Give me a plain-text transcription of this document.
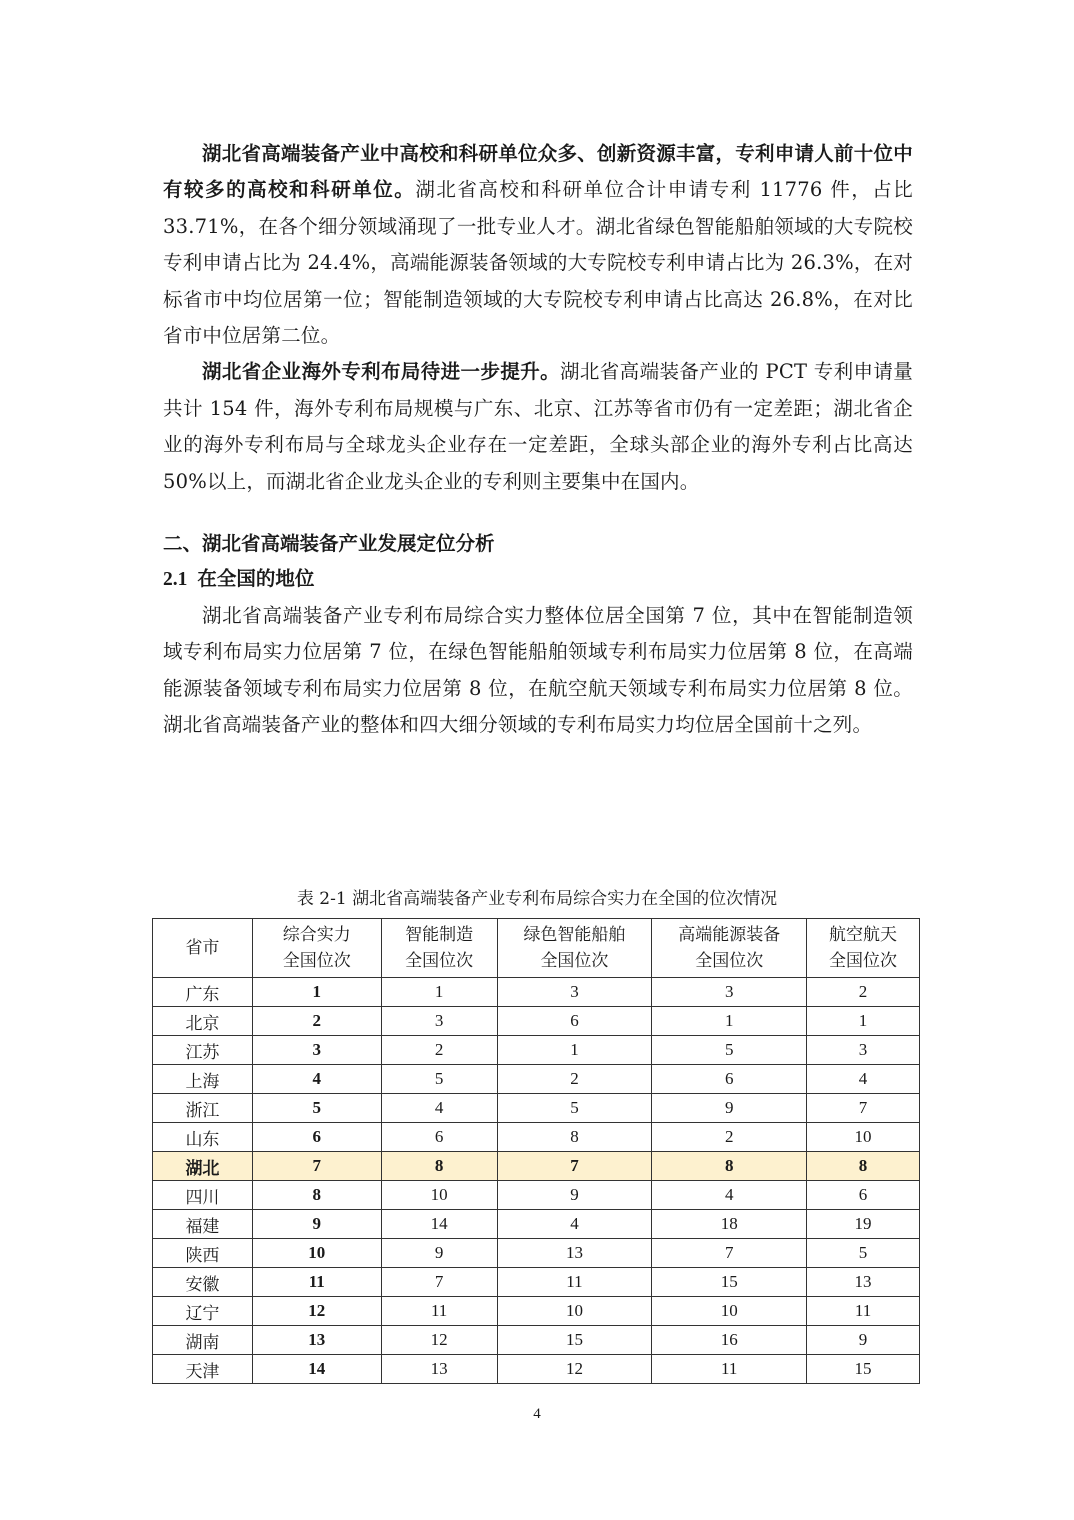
湖北省高端装备产业中高校和科研单位众多、创新资源丰富，专利申请人前十位中有较多的高校和科研单位。湖北省高校和科研单位合计申请专利 11776 件，占比 33.71%，在各个细分领域涌现了一批专业人才。湖北省绿色智能船舶领域的大专院校专利申请占比为 24.4%，高端能源装备领域的大专院校专利申请占比为 26.3%，在对标省市中均位居第一位；智能制造领域的大专院校专利申请占比高达 26.8%，在对比省市中位居第二位。

湖北省企业海外专利布局待进一步提升。湖北省高端装备产业的 PCT 专利申请量共计 154 件，海外专利布局规模与广东、北京、江苏等省市仍有一定差距；湖北省企业的海外专利布局与全球龙头企业存在一定差距，全球头部企业的海外专利占比高达 50%以上，而湖北省企业龙头企业的专利则主要集中在国内。

二、湖北省高端装备产业发展定位分析

2.1 在全国的地位

湖北省高端装备产业专利布局综合实力整体位居全国第 7 位，其中在智能制造领域专利布局实力位居第 7 位，在绿色智能船舶领域专利布局实力位居第 8 位，在高端能源装备领域专利布局实力位居第 8 位，在航空航天领域专利布局实力位居第 8 位。湖北省高端装备产业的整体和四大细分领域的专利布局实力均位居全国前十之列。

表 2-1 湖北省高端装备产业专利布局综合实力在全国的位次情况
省市	综合实力
全国位次	智能制造
全国位次	绿色智能船舶
全国位次	高端能源装备
全国位次	航空航天
全国位次
广东	1	1	3	3	2
北京	2	3	6	1	1
江苏	3	2	1	5	3
上海	4	5	2	6	4
浙江	5	4	5	9	7
山东	6	6	8	2	10
湖北	7	8	7	8	8
四川	8	10	9	4	6
福建	9	14	4	18	19
陕西	10	9	13	7	5
安徽	11	7	11	15	13
辽宁	12	11	10	10	11
湖南	13	12	15	16	9
天津	14	13	12	11	15
4
